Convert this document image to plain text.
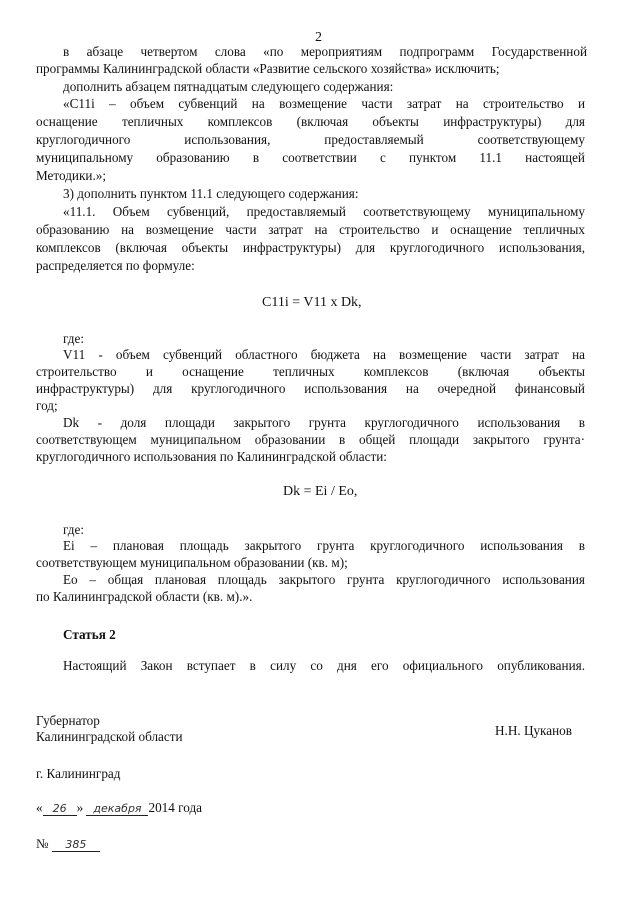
2
в абзаце четвертом слова «по мероприятиям подпрограмм Государственной
программы Калининградской области «Развитие сельского хозяйства» исключить;
дополнить абзацем пятнадцатым следующего содержания:
«C11i – объем субвенций на возмещение части затрат на строительство и
оснащение тепличных комплексов (включая объекты инфраструктуры) для
круглогодичного использования, предоставляемый соответствующему
муниципальному образованию в соответствии с пунктом 11.1 настоящей
Методики.»;
3) дополнить пунктом 11.1 следующего содержания:
«11.1. Объем субвенций, предоставляемый соответствующему муниципальному
образованию на возмещение части затрат на строительство и оснащение тепличных
комплексов (включая объекты инфраструктуры) для круглогодичного использования,
распределяется по формуле:
C11i = V11 x Dk,
где:
V11 - объем субвенций областного бюджета на возмещение части затрат на
строительство и оснащение тепличных комплексов (включая объекты
инфраструктуры) для круглогодичного использования на очередной финансовый
год;
Dk - доля площади закрытого грунта круглогодичного использования в
соответствующем муниципальном образовании в общей площади закрытого грунта·
круглогодичного использования по Калининградской области:
Dk = Ei / Eo,
где:
Ei – плановая площадь закрытого грунта круглогодичного использования в
соответствующем муниципальном образовании (кв. м);
Eo – общая плановая площадь закрытого грунта круглогодичного использования
по Калининградской области (кв. м).».
Статья 2
Настоящий Закон вступает в силу со дня его официального опубликования.
Губернатор
Калининградской области	Н.Н. Цуканов
г. Калининград
« 26 » декабря 2014 года
№ 385
